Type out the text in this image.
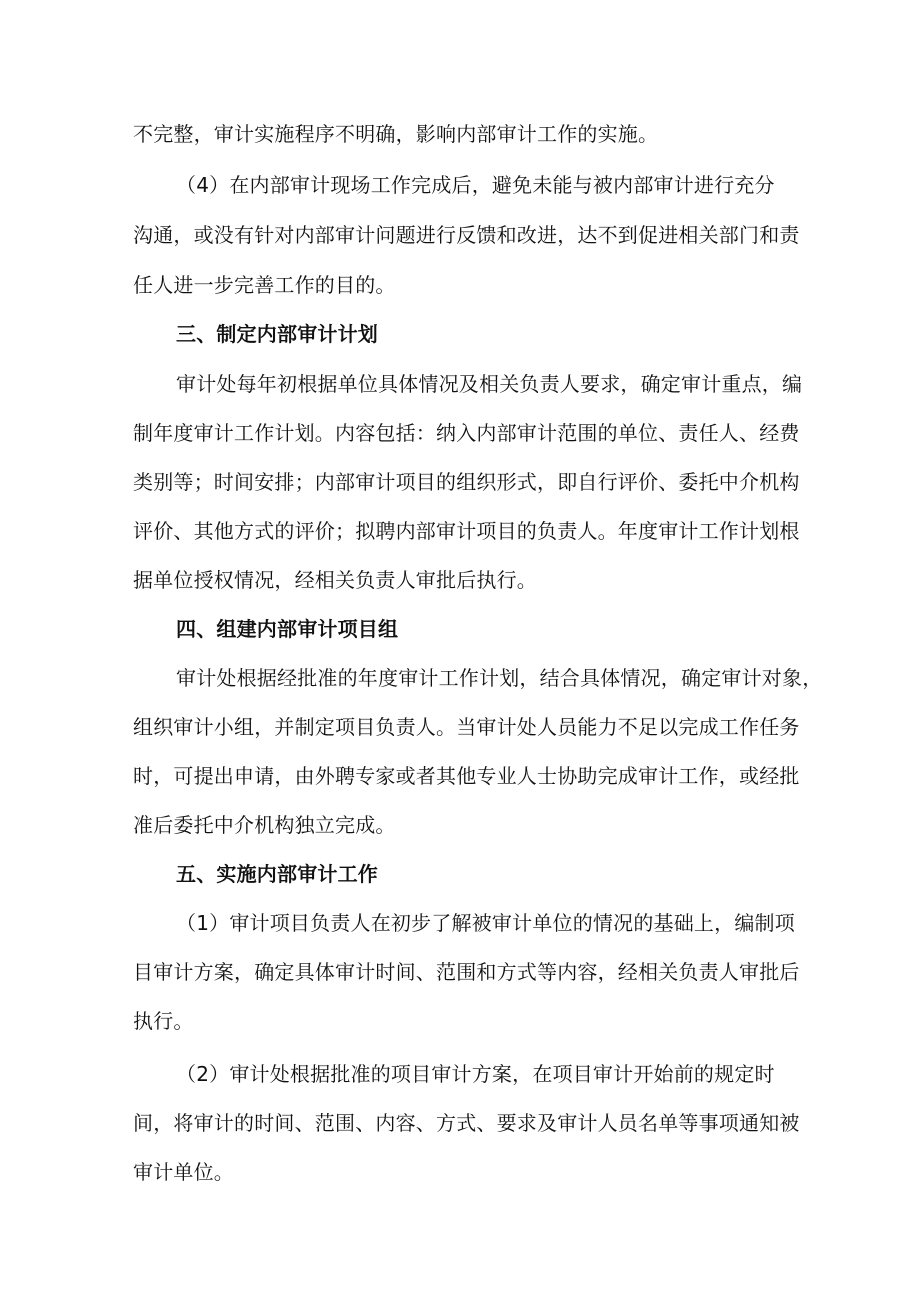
不完整，审计实施程序不明确，影响内部审计工作的实施。
（4）在内部审计现场工作完成后，避免未能与被内部审计进行充分
沟通，或没有针对内部审计问题进行反馈和改进，达不到促进相关部门和责
任人进一步完善工作的目的。
三、制定内部审计计划
审计处每年初根据单位具体情况及相关负责人要求，确定审计重点，编
制年度审计工作计划。内容包括：纳入内部审计范围的单位、责任人、经费
类别等；时间安排；内部审计项目的组织形式，即自行评价、委托中介机构
评价、其他方式的评价；拟聘内部审计项目的负责人。年度审计工作计划根
据单位授权情况，经相关负责人审批后执行。
四、组建内部审计项目组
审计处根据经批准的年度审计工作计划，结合具体情况，确定审计对象，
组织审计小组，并制定项目负责人。当审计处人员能力不足以完成工作任务
时，可提出申请，由外聘专家或者其他专业人士协助完成审计工作，或经批
准后委托中介机构独立完成。
五、实施内部审计工作
（1）审计项目负责人在初步了解被审计单位的情况的基础上，编制项
目审计方案，确定具体审计时间、范围和方式等内容，经相关负责人审批后
执行。
（2）审计处根据批准的项目审计方案，在项目审计开始前的规定时
间，将审计的时间、范围、内容、方式、要求及审计人员名单等事项通知被
审计单位。
